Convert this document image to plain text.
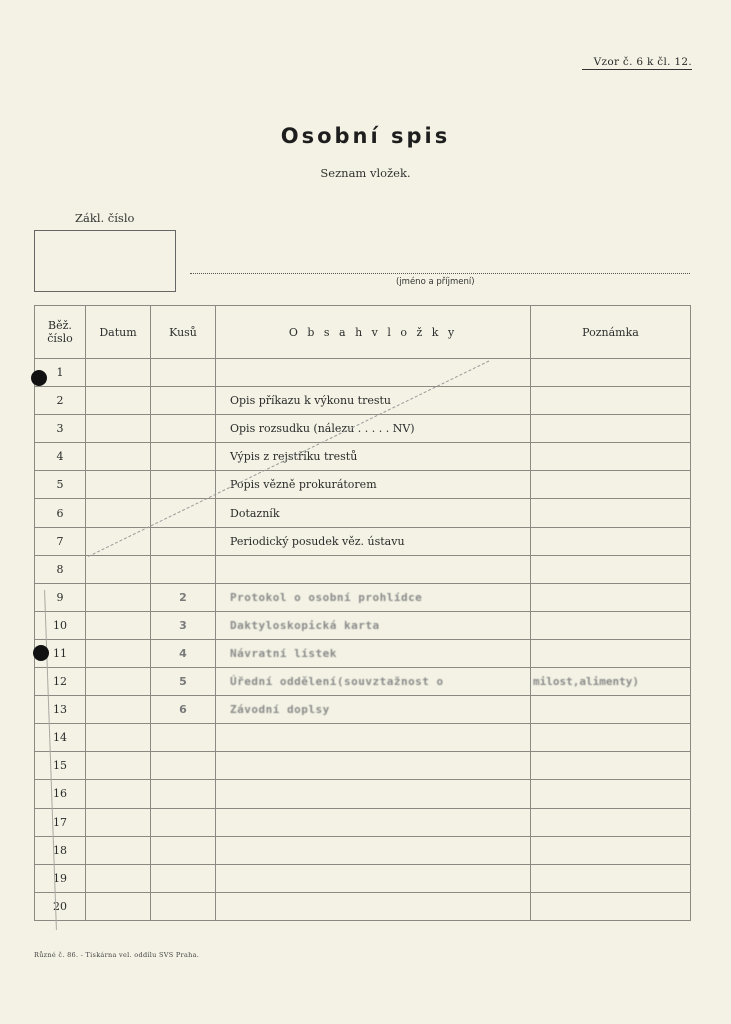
Vzor č. 6 k čl. 12.
Osobní spis
Seznam vložek.
Zákl. číslo
(jméno a příjmení)
Běž. číslo	Datum	Kusů	O b s a h v l o ž k y	Poznámka
1				
2			Opis příkazu k výkonu trestu	
3			Opis rozsudku (nálezu . . . . . NV)	
4			Výpis z rejstříku trestů	
5			Popis vězně prokurátorem	
6			Dotazník	
7			Periodický posudek věz. ústavu	
8				
9		2	Protokol o osobní prohlídce	
10		3	Daktyloskopická karta	
11		4	Návratní lístek	
12		5	Úřední oddělení(souvztažnost o	milost,alimenty)
13		6	Závodní doplsy	
14				
15				
16				
17				
18				
19				
20				
Různé č. 86. - Tiskárna vel. oddílu SVS Praha.
